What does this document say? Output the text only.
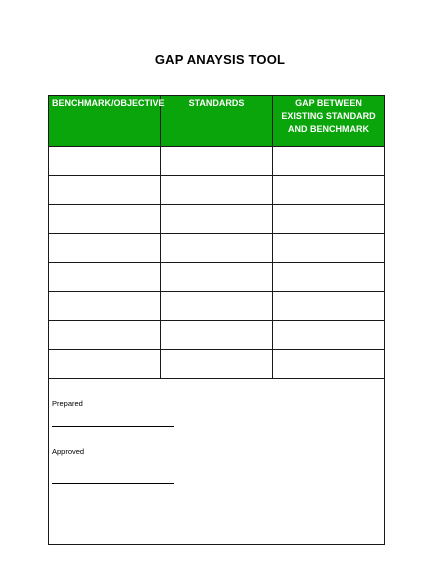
GAP ANAYSIS TOOL
BENCHMARK/OBJECTIVE	STANDARDS	GAP BETWEEN EXISTING STANDARD AND BENCHMARK

Prepared
Approved		
